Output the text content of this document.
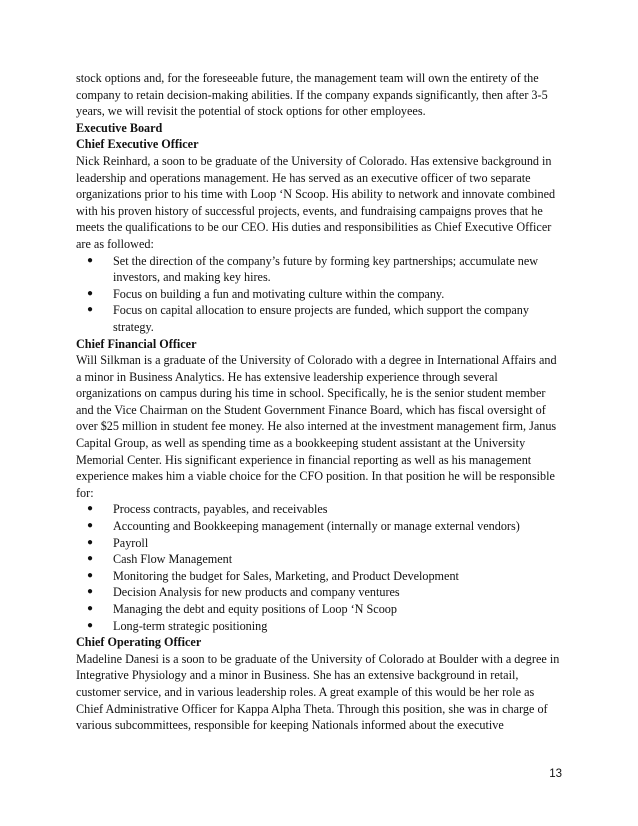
stock options and, for the foreseeable future, the management team will own the entirety of the company to retain decision-making abilities. If the company expands significantly, then after 3-5 years, we will revisit the potential of stock options for other employees.

Executive Board

Chief Executive Officer

Nick Reinhard, a soon to be graduate of the University of Colorado. Has extensive background in leadership and operations management. He has served as an executive officer of two separate organizations prior to his time with Loop ‘N Scoop. His ability to network and innovate combined with his proven history of successful projects, events, and fundraising campaigns proves that he meets the qualifications to be our CEO. His duties and responsibilities as Chief Executive Officer are as followed:

● Set the direction of the company’s future by forming key partnerships; accumulate new investors, and making key hires.
● Focus on building a fun and motivating culture within the company.
● Focus on capital allocation to ensure projects are funded, which support the company strategy.

Chief Financial Officer

Will Silkman is a graduate of the University of Colorado with a degree in International Affairs and a minor in Business Analytics. He has extensive leadership experience through several organizations on campus during his time in school. Specifically, he is the senior student member and the Vice Chairman on the Student Government Finance Board, which has fiscal oversight of over $25 million in student fee money. He also interned at the investment management firm, Janus Capital Group, as well as spending time as a bookkeeping student assistant at the University Memorial Center. His significant experience in financial reporting as well as his management experience makes him a viable choice for the CFO position. In that position he will be responsible for:

● Process contracts, payables, and receivables
● Accounting and Bookkeeping management (internally or manage external vendors)
● Payroll
● Cash Flow Management
● Monitoring the budget for Sales, Marketing, and Product Development
● Decision Analysis for new products and company ventures
● Managing the debt and equity positions of Loop ‘N Scoop
● Long-term strategic positioning

Chief Operating Officer

Madeline Danesi is a soon to be graduate of the University of Colorado at Boulder with a degree in Integrative Physiology and a minor in Business. She has an extensive background in retail, customer service, and in various leadership roles. A great example of this would be her role as Chief Administrative Officer for Kappa Alpha Theta. Through this position, she was in charge of various subcommittees, responsible for keeping Nationals informed about the executive

13
